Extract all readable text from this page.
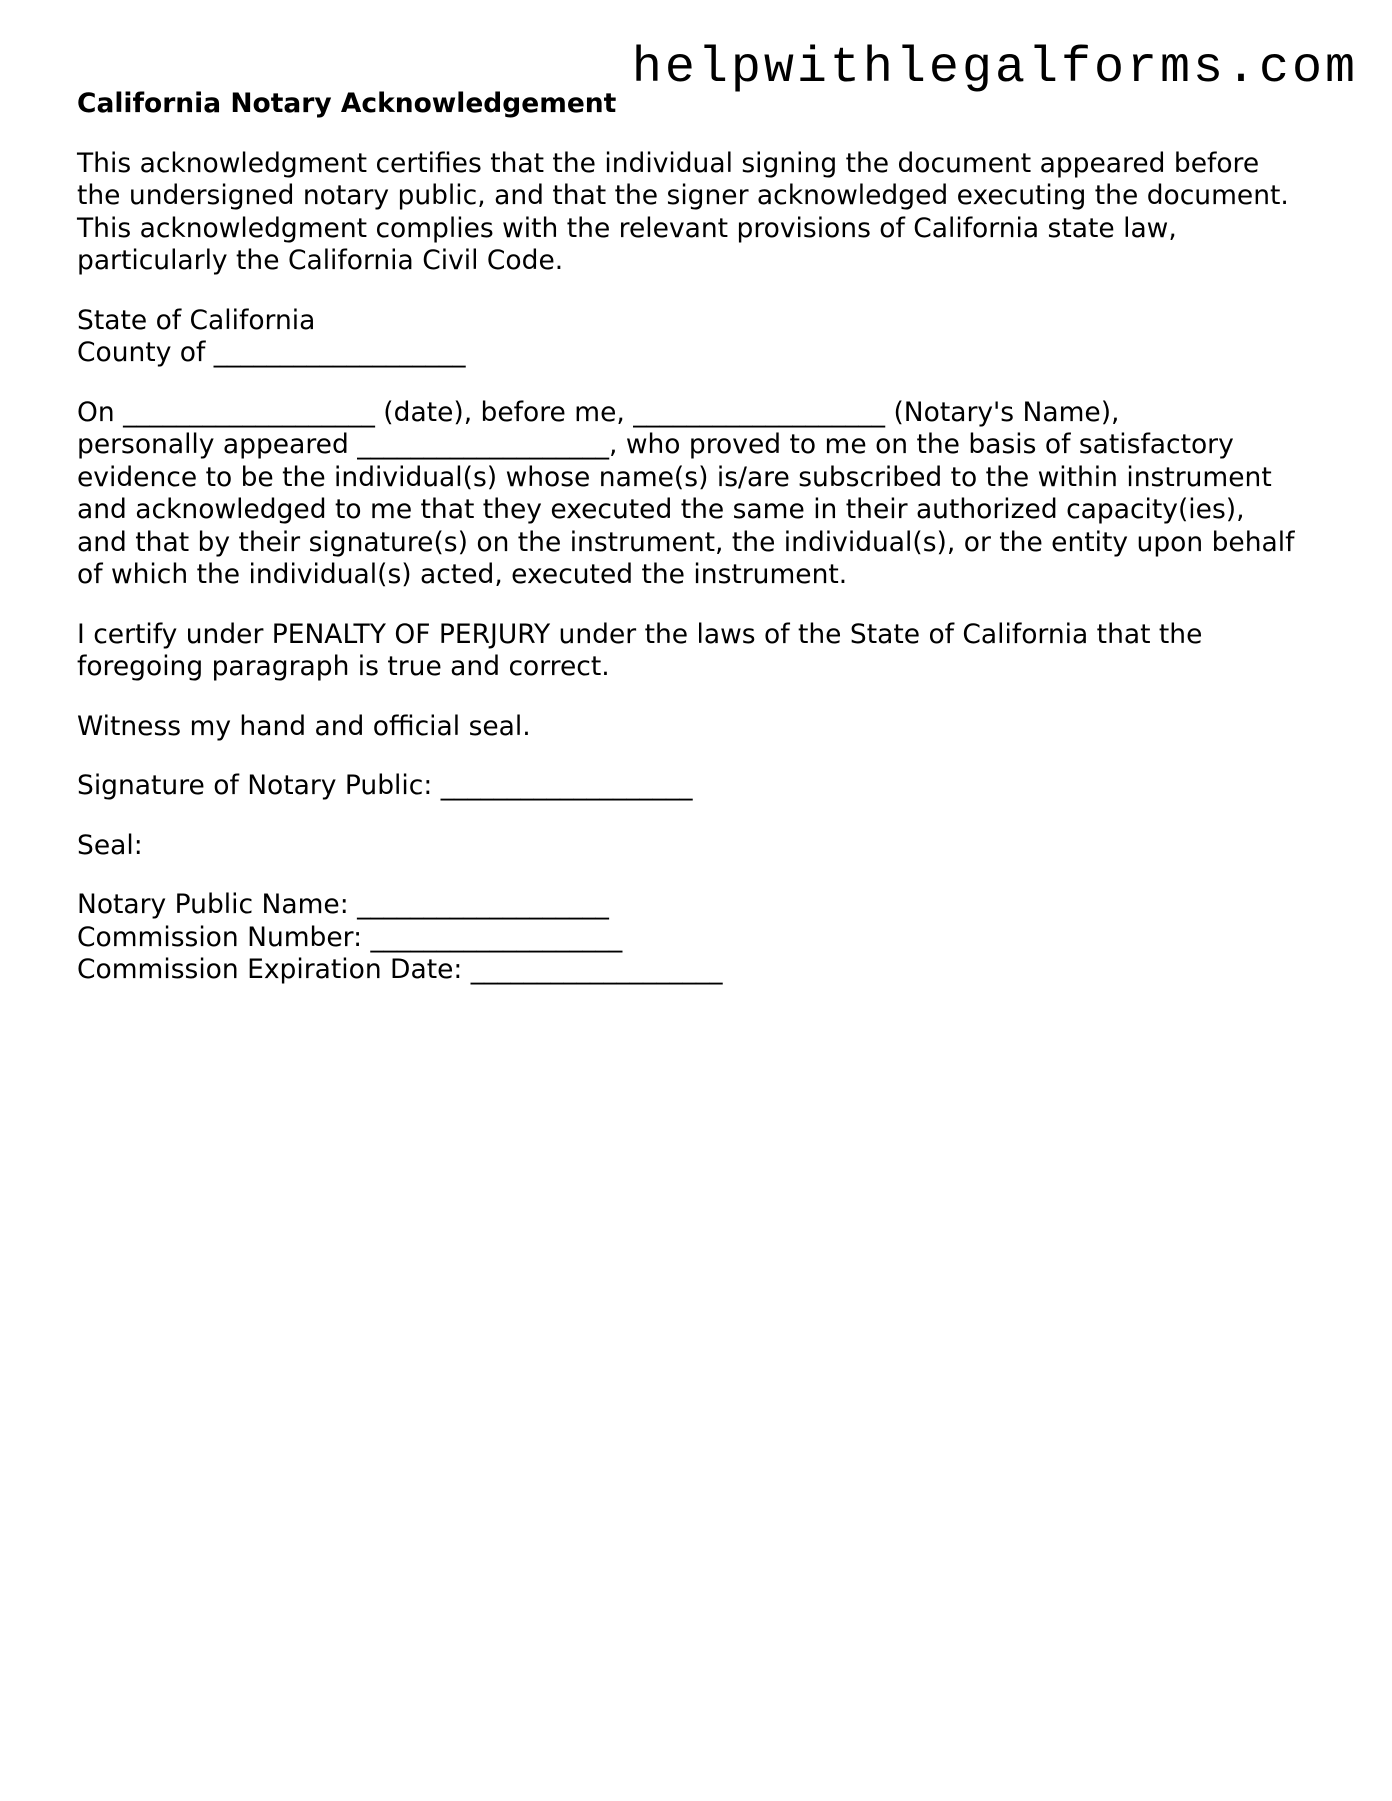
helpwithlegalforms.com
California Notary Acknowledgement

This acknowledgment certifies that the individual signing the document appeared before
the undersigned notary public, and that the signer acknowledged executing the document.
This acknowledgment complies with the relevant provisions of California state law,
particularly the California Civil Code.

State of California
County of ___________________

On ___________________ (date), before me, ___________________ (Notary's Name),
personally appeared ___________________, who proved to me on the basis of satisfactory
evidence to be the individual(s) whose name(s) is/are subscribed to the within instrument
and acknowledged to me that they executed the same in their authorized capacity(ies),
and that by their signature(s) on the instrument, the individual(s), or the entity upon behalf
of which the individual(s) acted, executed the instrument.

I certify under PENALTY OF PERJURY under the laws of the State of California that the
foregoing paragraph is true and correct.

Witness my hand and official seal.

Signature of Notary Public: ___________________

Seal:

Notary Public Name: ___________________
Commission Number: ___________________
Commission Expiration Date: ___________________
